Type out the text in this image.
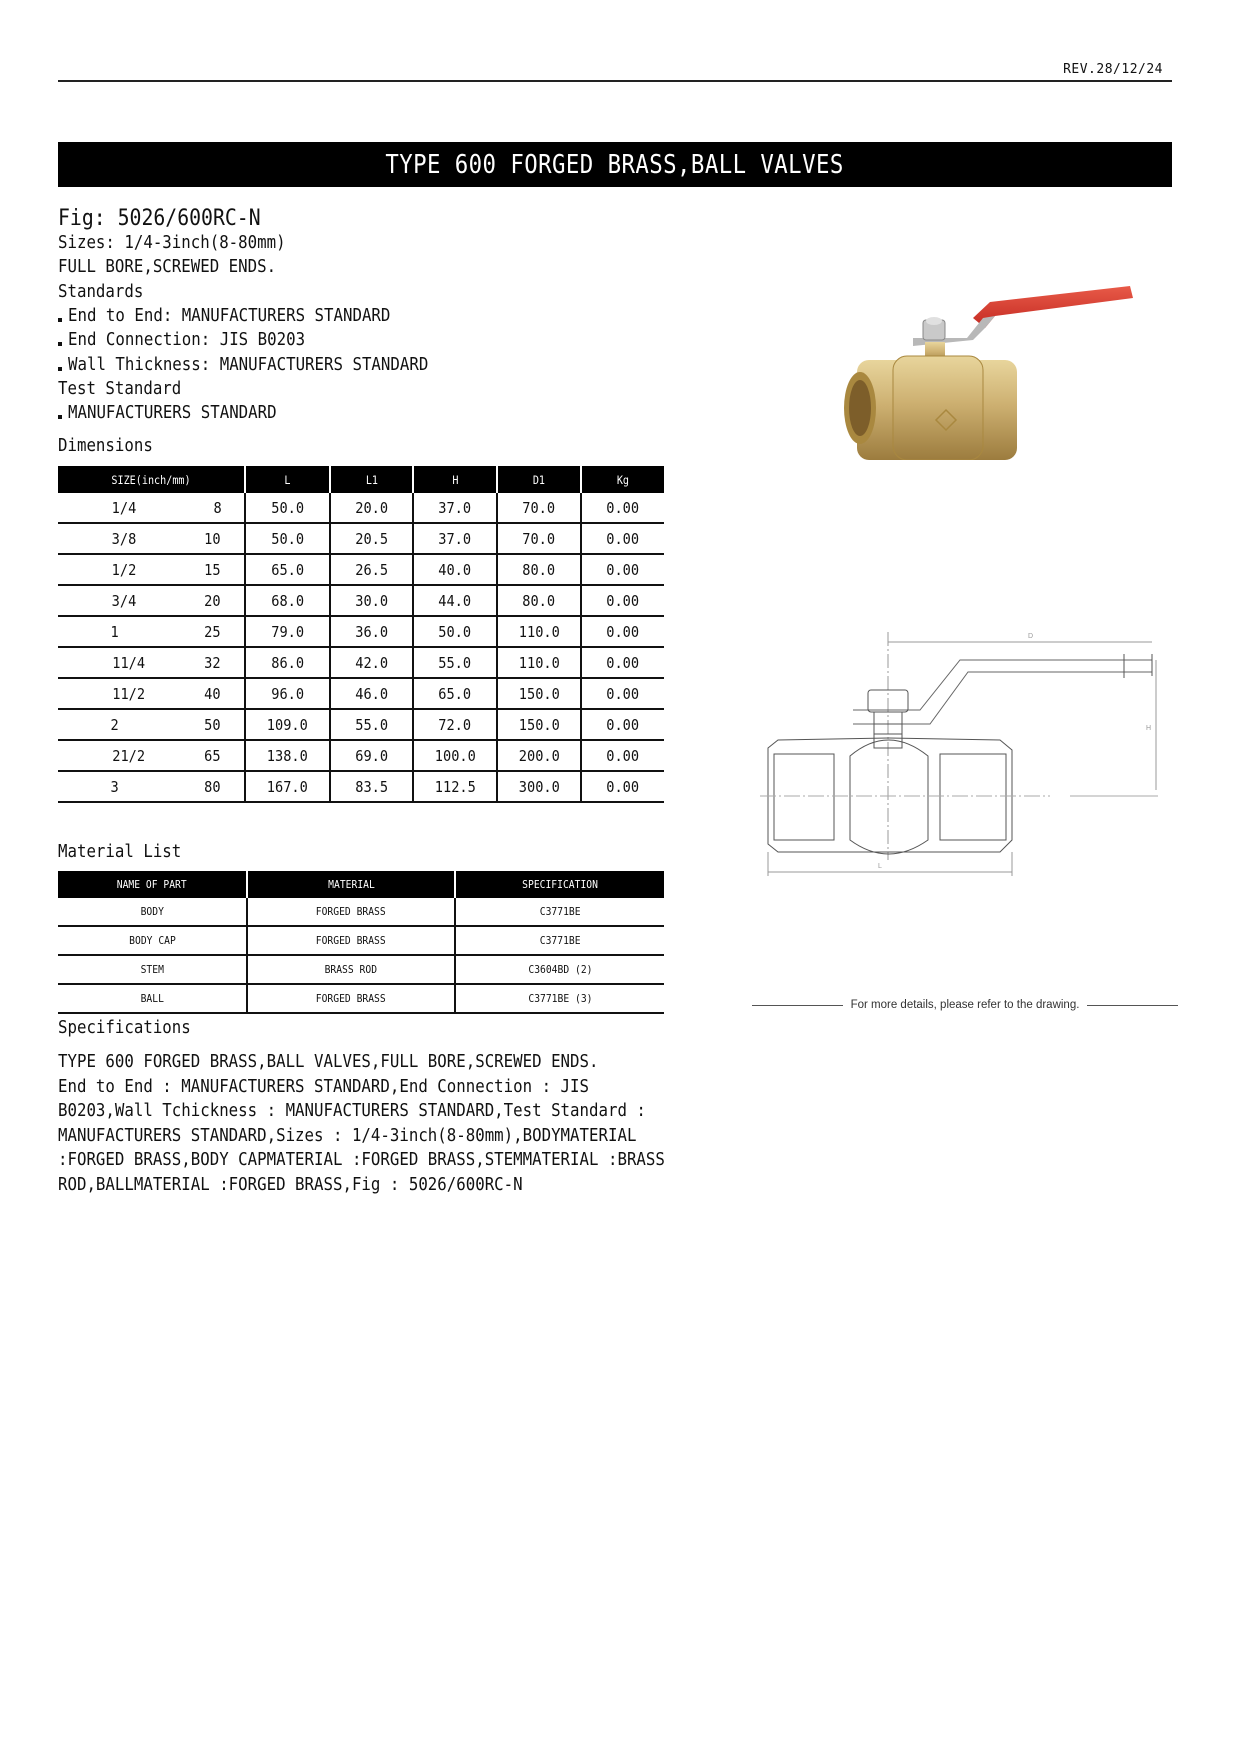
REV.28/12/24
TYPE 600 FORGED BRASS,BALL VALVES
Fig: 5026/600RC-N
Sizes: 1/4-3inch(8-80mm)
FULL BORE,SCREWED ENDS.
Standards
End to End: MANUFACTURERS STANDARD
End Connection: JIS B0203
Wall Thickness: MANUFACTURERS STANDARD
Test Standard
MANUFACTURERS STANDARD
Dimensions
SIZE(inch/mm)		L	L1	H	D1	Kg
1/4	8	50.0	20.0	37.0	70.0	0.00
3/8	10	50.0	20.5	37.0	70.0	0.00
1/2	15	65.0	26.5	40.0	80.0	0.00
3/4	20	68.0	30.0	44.0	80.0	0.00
1	25	79.0	36.0	50.0	110.0	0.00
11/4	32	86.0	42.0	55.0	110.0	0.00
11/2	40	96.0	46.0	65.0	150.0	0.00
2	50	109.0	55.0	72.0	150.0	0.00
21/2	65	138.0	69.0	100.0	200.0	0.00
3	80	167.0	83.5	112.5	300.0	0.00
Material List
NAME OF PART	MATERIAL	SPECIFICATION
BODY	FORGED BRASS	C3771BE
BODY CAP	FORGED BRASS	C3771BE
STEM	BRASS ROD	C3604BD (2)
BALL	FORGED BRASS	C3771BE (3)
Specifications

TYPE 600 FORGED BRASS,BALL VALVES,FULL BORE,SCREWED ENDS.

End to End : MANUFACTURERS STANDARD,End Connection : JIS

B0203,Wall Tchickness : MANUFACTURERS STANDARD,Test Standard :

MANUFACTURERS STANDARD,Sizes : 1/4-3inch(8-80mm),BODYMATERIAL

:FORGED BRASS,BODY CAPMATERIAL :FORGED BRASS,STEMMATERIAL :BRASS

ROD,BALLMATERIAL :FORGED BRASS,Fig : 5026/600RC-N

D
H
L
For more details, please refer to the drawing.
